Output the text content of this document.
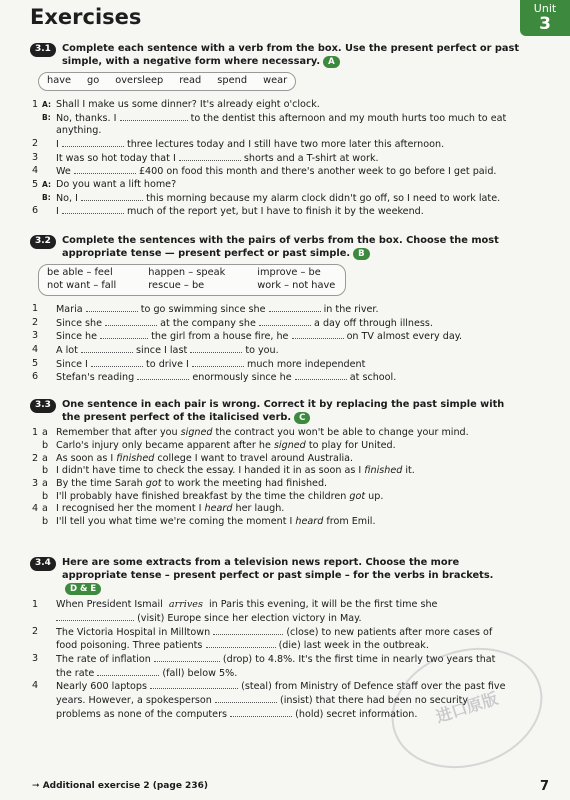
Exercises	Unit
3
3.1	Complete each sentence with a verb from the box. Use the present perfect or past simple, with a negative form where necessary. A
have go oversleep read spend wear
1 A: Shall I make us some dinner? It's already eight o'clock.
B: No, thanks. I	to the dentist this afternoon and my mouth hurts too much to eat anything.
2	I	three lectures today and I still have two more later this afternoon.
3	It was so hot today that I	shorts and a T-shirt at work.
4	We	£400 on food this month and there's another week to go before I get paid.
5 A: Do you want a lift home?
B: No, I	this morning because my alarm clock didn't go off, so I need to work late.
6	I	much of the report yet, but I have to finish it by the weekend.
3.2	Complete the sentences with the pairs of verbs from the box. Choose the most appropriate tense — present perfect or past simple. B
be able – feel	happen – speak	improve – be
not want – fall	rescue – be	work – not have
1	Maria	to go swimming since she	in the river.
2	Since she	at the company she	a day off through illness.
3	Since he	the girl from a house fire, he	on TV almost every day.
4	A lot	since I last	to you.
5	Since I	to drive I	much more independent
6	Stefan's reading	enormously since he	at school.
3.3	One sentence in each pair is wrong. Correct it by replacing the past simple with the present perfect of the italicised verb. C
1 a Remember that after you signed the contract you won't be able to change your mind.
b Carlo's injury only became apparent after he signed to play for United.
2 a As soon as I finished college I want to travel around Australia.
b I didn't have time to check the essay. I handed it in as soon as I finished it.
3 a By the time Sarah got to work the meeting had finished.
b I'll probably have finished breakfast by the time the children got up.
4 a I recognised her the moment I heard her laugh.
b I'll tell you what time we're coming the moment I heard from Emil.
3.4	Here are some extracts from a television news report. Choose the more appropriate tense – present perfect or past simple – for the verbs in brackets.D & E
1	When President Ismail arrives in Paris this evening, it will be the first time she
(visit) Europe since her election victory in May.
2	The Victoria Hospital in Milltown	(close) to new patients after more cases of
food poisoning. Three patients	(die) last week in the outbreak.
3	The rate of inflation	(drop) to 4.8%. It's the first time in nearly two years that
the rate	(fall) below 5%.
4	Nearly 600 laptops	(steal) from Ministry of Defence staff over the past five
years. However, a spokesperson	(insist) that there had been no security
problems as none of the computers	(hold) secret information.	进口原版
➞ Additional exercise 2 (page 236)	7
